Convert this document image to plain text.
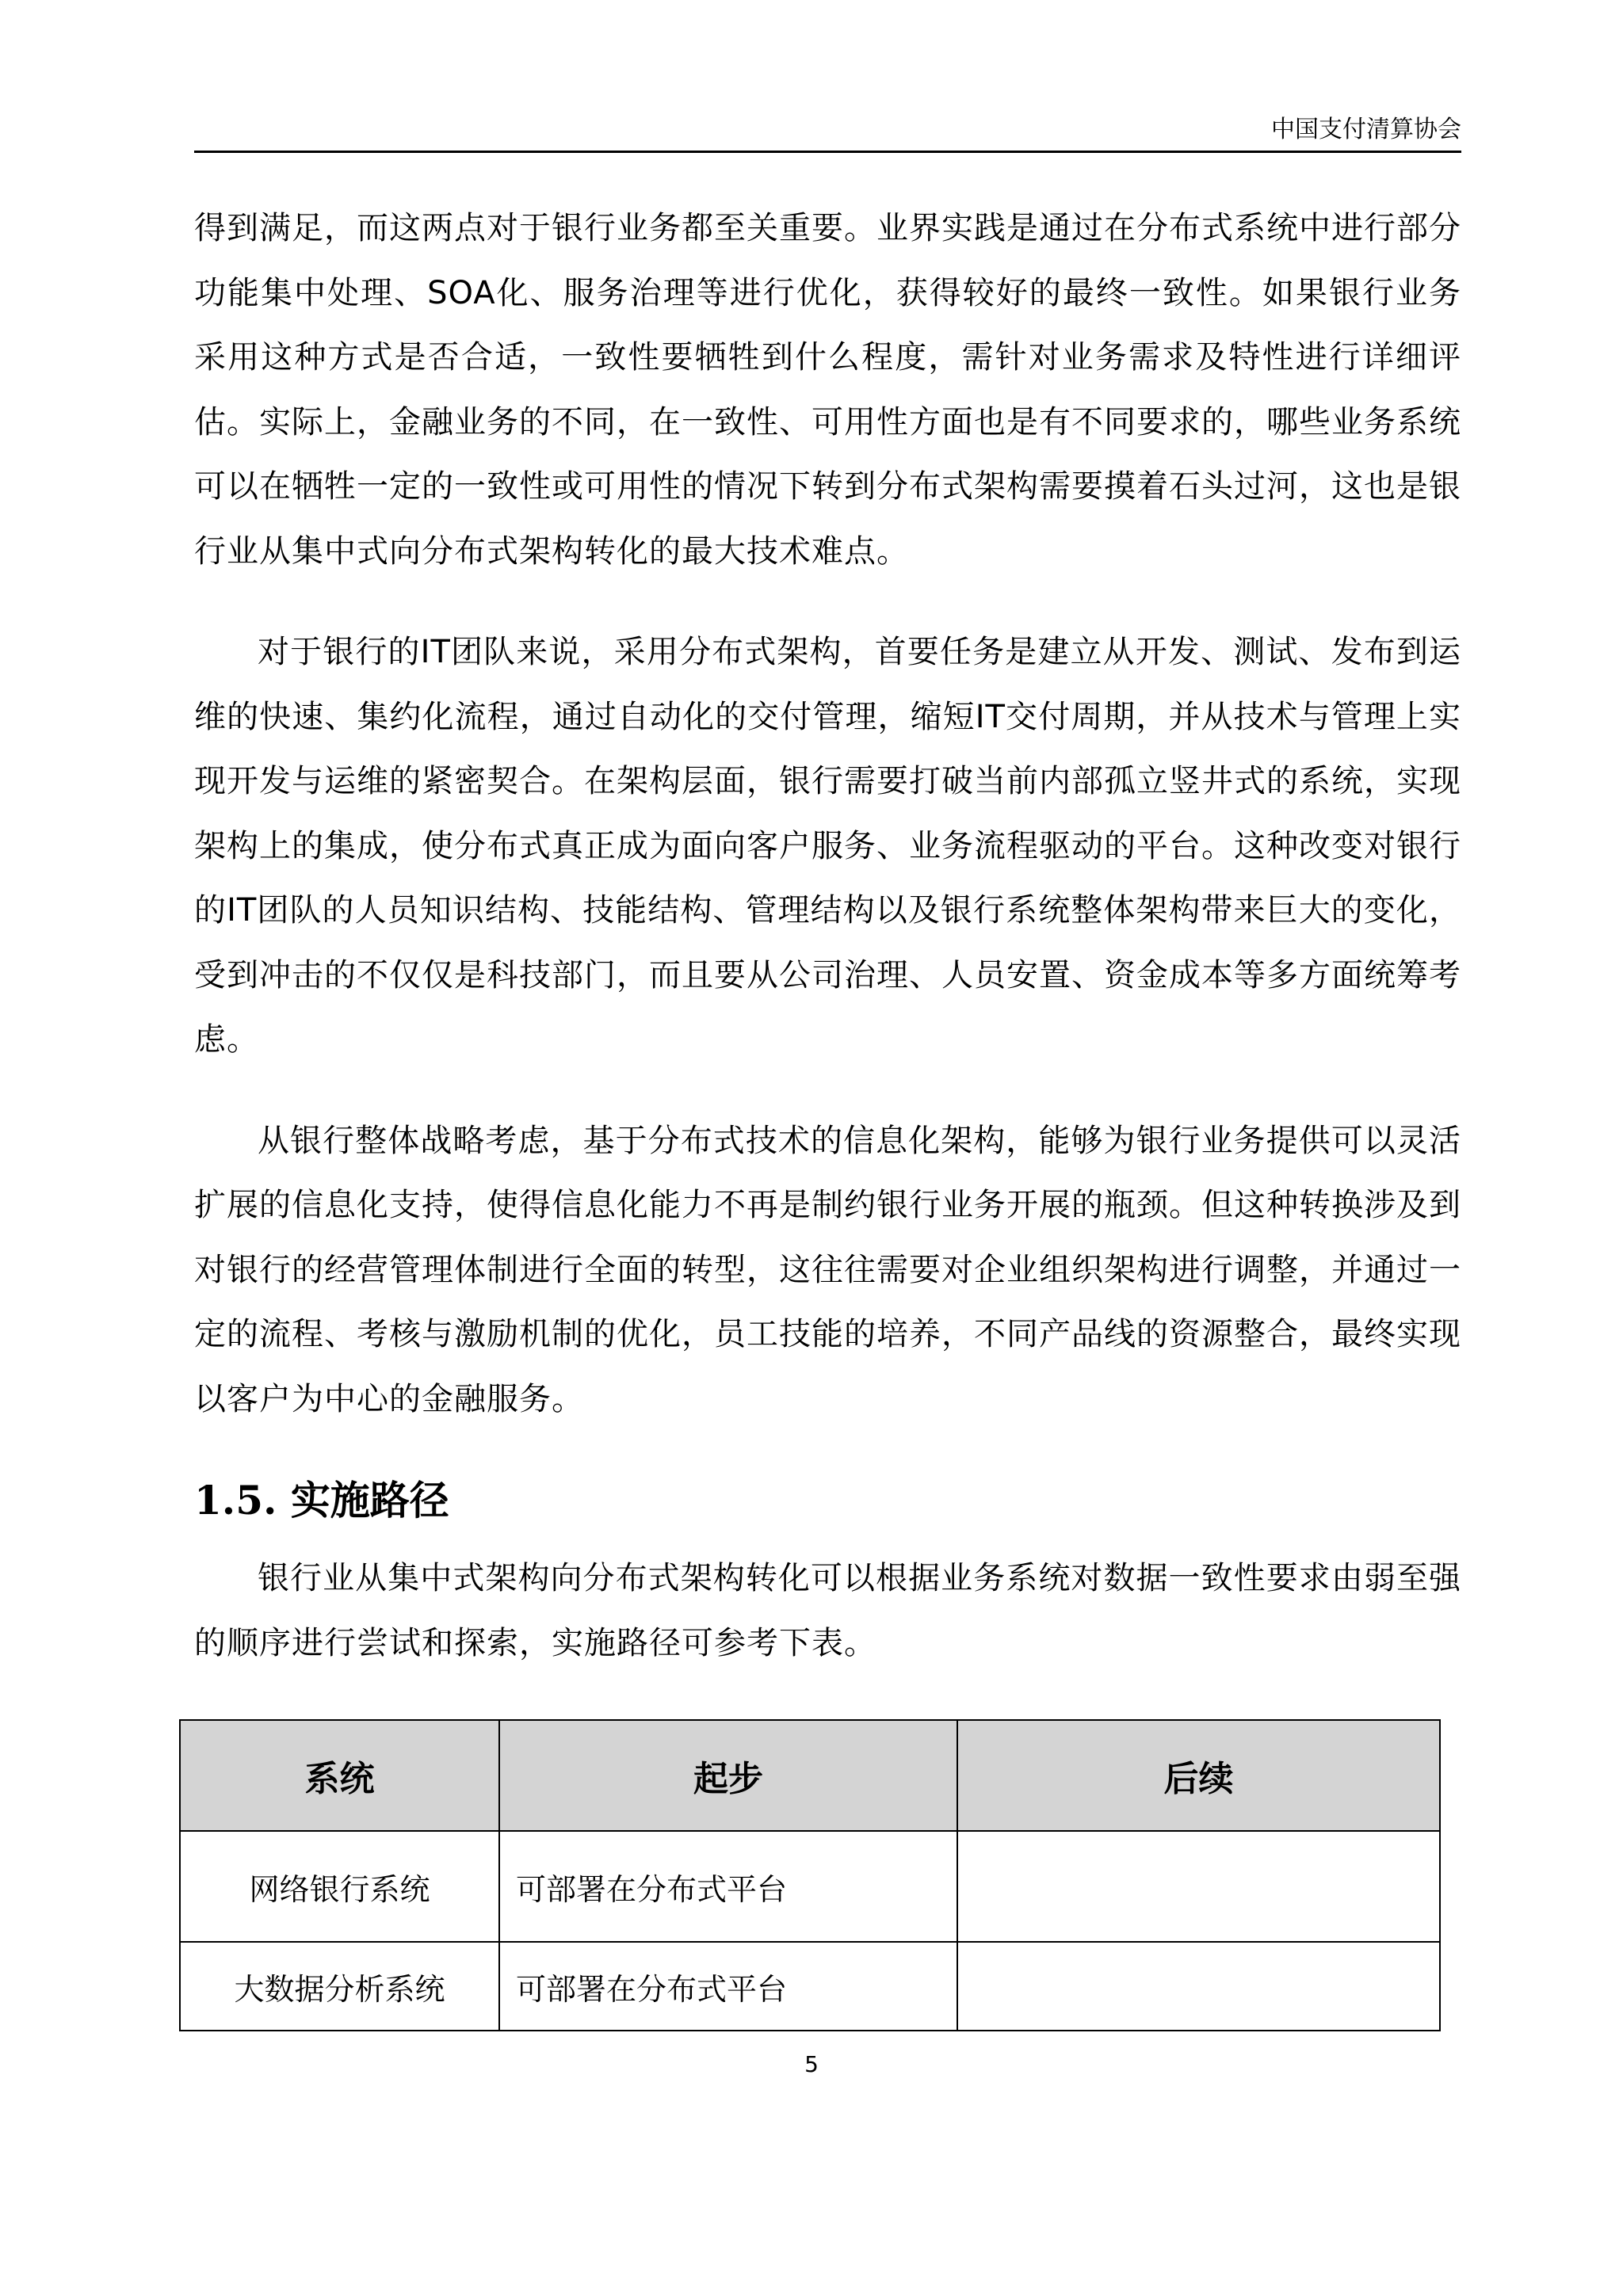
中国支付清算协会

得到满足，而这两点对于银行业务都至关重要。业界实践是通过在分布式系统中进行部分功能集中处理、SOA化、服务治理等进行优化，获得较好的最终一致性。如果银行业务采用这种方式是否合适，一致性要牺牲到什么程度，需针对业务需求及特性进行详细评估。实际上，金融业务的不同，在一致性、可用性方面也是有不同要求的，哪些业务系统可以在牺牲一定的一致性或可用性的情况下转到分布式架构需要摸着石头过河，这也是银行业从集中式向分布式架构转化的最大技术难点。

对于银行的IT团队来说，采用分布式架构，首要任务是建立从开发、测试、发布到运维的快速、集约化流程，通过自动化的交付管理，缩短IT交付周期，并从技术与管理上实现开发与运维的紧密契合。在架构层面，银行需要打破当前内部孤立竖井式的系统，实现架构上的集成，使分布式真正成为面向客户服务、业务流程驱动的平台。这种改变对银行的IT团队的人员知识结构、技能结构、管理结构以及银行系统整体架构带来巨大的变化，受到冲击的不仅仅是科技部门，而且要从公司治理、人员安置、资金成本等多方面统筹考虑。

从银行整体战略考虑，基于分布式技术的信息化架构，能够为银行业务提供可以灵活扩展的信息化支持，使得信息化能力不再是制约银行业务开展的瓶颈。但这种转换涉及到对银行的经营管理体制进行全面的转型，这往往需要对企业组织架构进行调整，并通过一定的流程、考核与激励机制的优化，员工技能的培养，不同产品线的资源整合，最终实现以客户为中心的金融服务。

1.5. 实施路径

银行业从集中式架构向分布式架构转化可以根据业务系统对数据一致性要求由弱至强的顺序进行尝试和探索，实施路径可参考下表。

系统	起步	后续
网络银行系统	可部署在分布式平台	
大数据分析系统	可部署在分布式平台	
5
